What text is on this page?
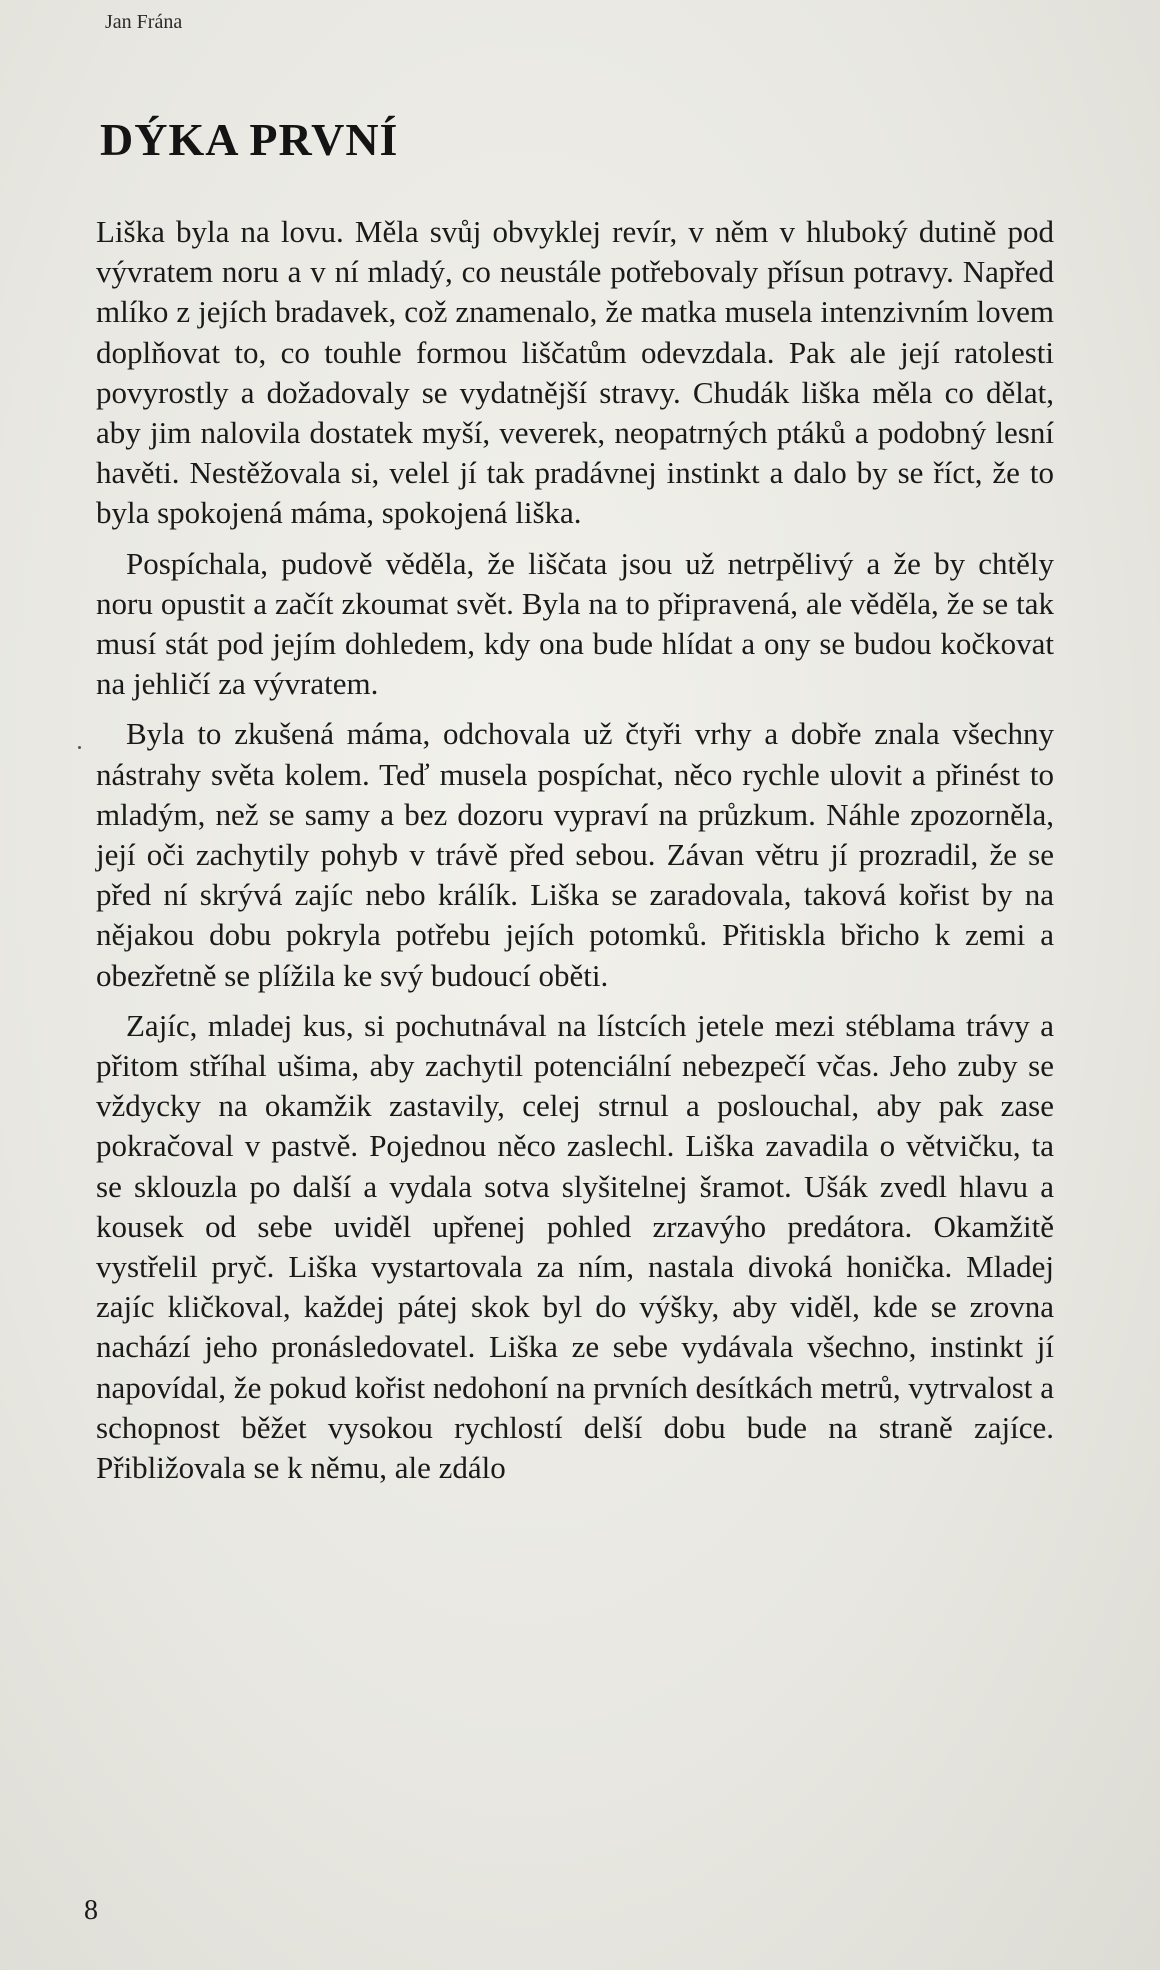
Jan Frána
DÝKA PRVNÍ

Liška byla na lovu. Měla svůj obvyklej revír, v něm v hluboký dutině pod vývratem noru a v ní mladý, co neustále potřebovaly přísun potravy. Napřed mlíko z jejích bradavek, což znamenalo, že matka musela intenzivním lovem doplňovat to, co touhle formou liščatům odevzdala. Pak ale její ratolesti povyrostly a dožadovaly se vydatnější stravy. Chudák liška měla co dělat, aby jim nalovila dostatek myší, veverek, neopatrných ptáků a podobný lesní havěti. Nestěžovala si, velel jí tak pradávnej instinkt a dalo by se říct, že to byla spokojená máma, spokojená liška.

Pospíchala, pudově věděla, že liščata jsou už netrpělivý a že by chtěly noru opustit a začít zkoumat svět. Byla na to připravená, ale věděla, že se tak musí stát pod jejím dohledem, kdy ona bude hlídat a ony se budou kočkovat na jehličí za vývratem.

Byla to zkušená máma, odchovala už čtyři vrhy a dobře znala všechny nástrahy světa kolem. Teď musela pospíchat, něco rychle ulovit a přinést to mladým, než se samy a bez dozoru vypraví na průzkum. Náhle zpozorněla, její oči zachytily pohyb v trávě před sebou. Závan větru jí prozradil, že se před ní skrývá zajíc nebo králík. Liška se zaradovala, taková kořist by na nějakou dobu pokryla potřebu jejích potomků. Přitiskla břicho k zemi a obezřetně se plížila ke svý budoucí oběti.

Zajíc, mladej kus, si pochutnával na lístcích jetele mezi stéblama trávy a přitom stříhal ušima, aby zachytil potenciální nebezpečí včas. Jeho zuby se vždycky na okamžik zastavily, celej strnul a poslouchal, aby pak zase pokračoval v pastvě. Pojednou něco zaslechl. Liška zavadila o větvičku, ta se sklouzla po další a vydala sotva slyšitelnej šramot. Ušák zvedl hlavu a kousek od sebe uviděl upřenej pohled zrzavýho predátora. Okamžitě vystřelil pryč. Liška vystartovala za ním, nastala divoká honička. Mladej zajíc kličkoval, každej pátej skok byl do výšky, aby viděl, kde se zrovna nachází jeho pronásledovatel. Liška ze sebe vydávala všechno, instinkt jí napovídal, že pokud kořist nedohoní na prvních desítkách metrů, vytrvalost a schopnost běžet vysokou rychlostí delší dobu bude na straně zajíce. Přibližovala se k němu, ale zdálo

8
